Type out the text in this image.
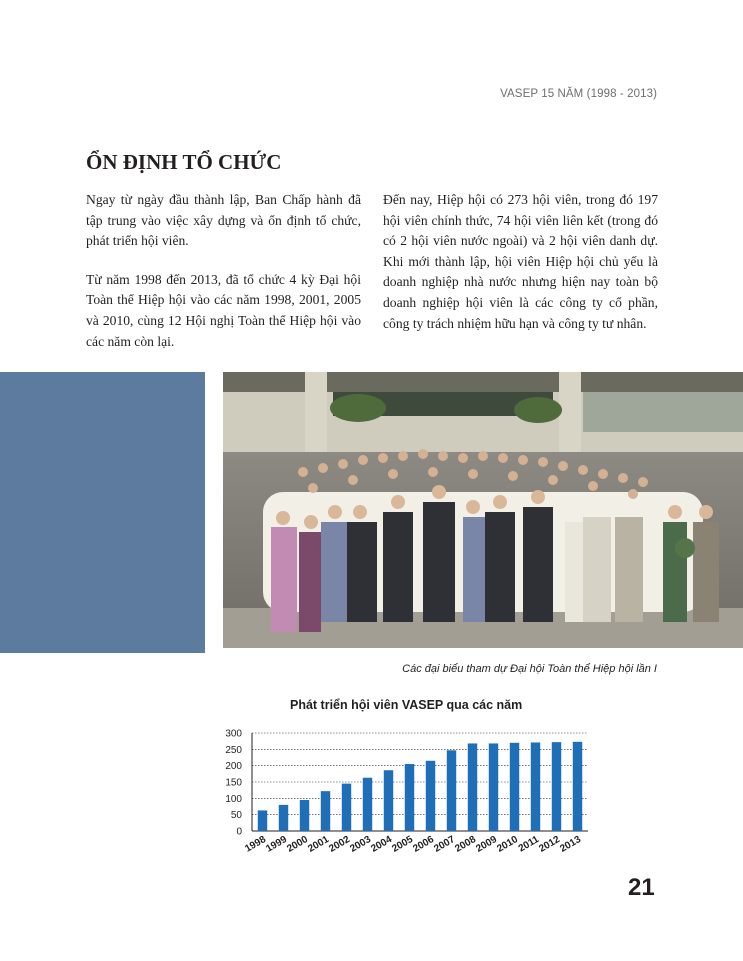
VASEP 15 NĂM (1998 - 2013)
ỔN ĐỊNH TỔ CHỨC

Ngay từ ngày đầu thành lập, Ban Chấp hành đã tập trung vào việc xây dựng và ổn định tổ chức, phát triển hội viên.

Từ năm 1998 đến 2013, đã tổ chức 4 kỳ Đại hội Toàn thể Hiệp hội vào các năm 1998, 2001, 2005 và 2010, cùng 12 Hội nghị Toàn thể Hiệp hội vào các năm còn lại.

Đến nay, Hiệp hội có 273 hội viên, trong đó 197 hội viên chính thức, 74 hội viên liên kết (trong đó có 2 hội viên nước ngoài) và 2 hội viên danh dự. Khi mới thành lập, hội viên Hiệp hội chủ yếu là doanh nghiệp nhà nước nhưng hiện nay toàn bộ doanh nghiệp hội viên là các công ty cổ phần, công ty trách nhiệm hữu hạn và công ty tư nhân.

Các đại biểu tham dự Đại hội Toàn thể Hiệp hội lần I
Phát triển hội viên VASEP qua các năm
0
50
100
150
200
250
300
1998
1999
2000
2001
2002
2003
2004
2005
2006
2007
2008
2009
2010
2011
2012
2013
21
